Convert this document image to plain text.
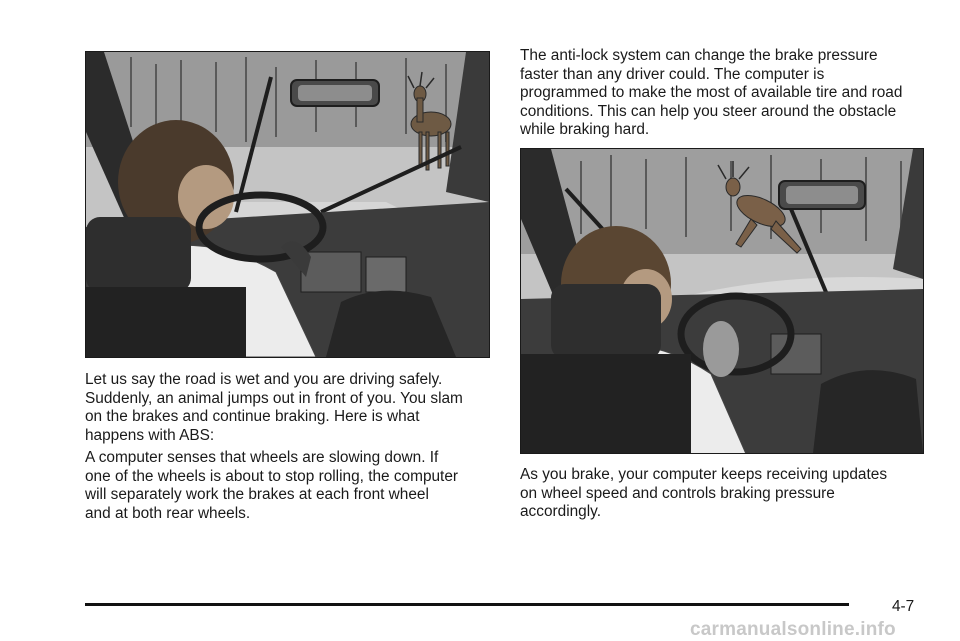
Let us say the road is wet and you are driving safely.
Suddenly, an animal jumps out in front of you. You slam
on the brakes and continue braking. Here is what
happens with ABS:

A computer senses that wheels are slowing down. If
one of the wheels is about to stop rolling, the computer
will separately work the brakes at each front wheel
and at both rear wheels.

The anti-lock system can change the brake pressure
faster than any driver could. The computer is
programmed to make the most of available tire and road
conditions. This can help you steer around the obstacle
while braking hard.

As you brake, your computer keeps receiving updates
on wheel speed and controls braking pressure
accordingly.

4-7
carmanualsonline.info
